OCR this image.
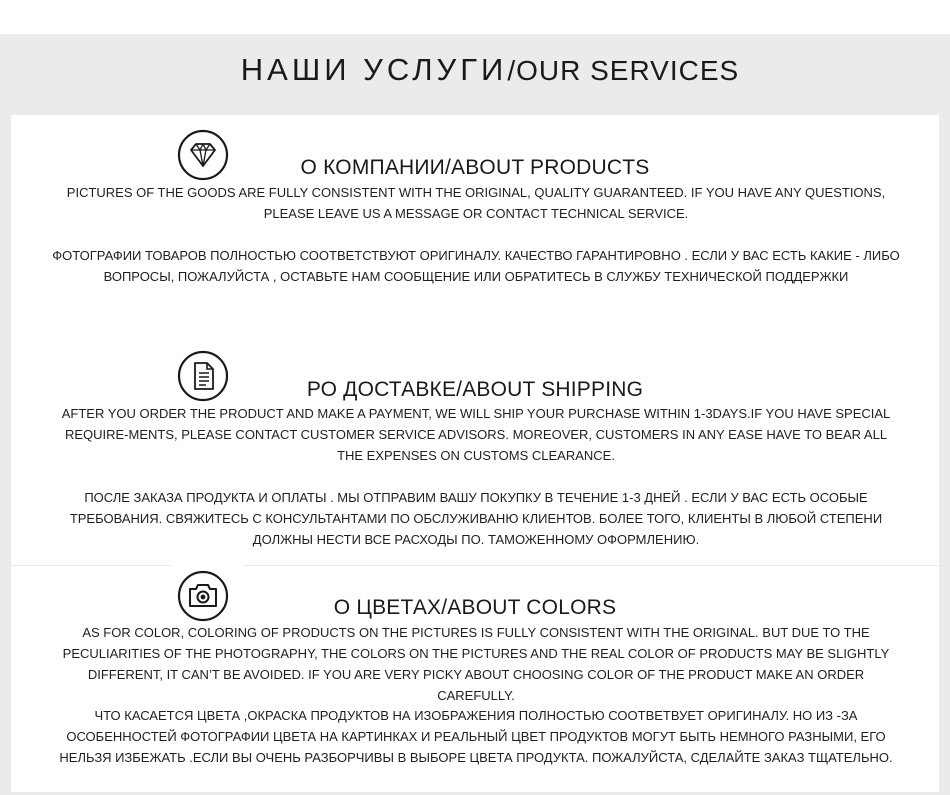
НАШИ УСЛУГИ/OUR SERVICES
О КОМПАНИИ/ABOUT PRODUCTS
PICTURES OF THE GOODS ARE FULLY CONSISTENT WITH THE ORIGINAL, QUALITY GUARANTEED. IF YOU HAVE ANY QUESTIONS, PLEASE LEAVE US A MESSAGE OR CONTACT TECHNICAL SERVICE.
ФОТОГРАФИИ ТОВАРОВ ПОЛНОСТЬЮ СООТВЕТСТВУЮТ ОРИГИНАЛУ. КАЧЕСТВО ГАРАНТИРОВНО . ЕСЛИ У ВАС ЕСТЬ КАКИЕ - ЛИБО ВОПРОСЫ, ПОЖАЛУЙСТА , ОСТАВЬТЕ НАМ СООБЩЕНИЕ ИЛИ ОБРАТИТЕСЬ В СЛУЖБУ ТЕХНИЧЕСКОЙ ПОДДЕРЖКИ
РО ДОСТАВКЕ/ABOUT SHIPPING
AFTER YOU ORDER THE PRODUCT AND MAKE A PAYMENT, WE WILL SHIP YOUR PURCHASE WITHIN 1-3DAYS.IF YOU HAVE SPECIAL REQUIRE-MENTS, PLEASE CONTACT CUSTOMER SERVICE ADVISORS. MOREOVER, CUSTOMERS IN ANY EASE HAVE TO BEAR ALL THE EXPENSES ON CUSTOMS CLEARANCE.
ПОСЛЕ ЗАКАЗА ПРОДУКТА И ОПЛАТЫ . МЫ ОТПРАВИМ ВАШУ ПОКУПКУ В ТЕЧЕНИЕ 1-3 ДНЕЙ . ЕСЛИ У ВАС ЕСТЬ ОСОБЫЕ ТРЕБОВАНИЯ. СВЯЖИТЕСЬ С КОНСУЛЬТАНТАМИ ПО ОБСЛУЖИВАНЮ КЛИЕНТОВ. БОЛЕЕ ТОГО, КЛИЕНТЫ В ЛЮБОЙ СТЕПЕНИ ДОЛЖНЫ НЕСТИ ВСЕ РАСХОДЫ ПО. ТАМОЖЕННОМУ ОФОРМЛЕНИЮ.
О ЦВЕТАХ/ABOUT COLORS
AS FOR COLOR, COLORING OF PRODUCTS ON THE PICTURES IS FULLY CONSISTENT WITH THE ORIGINAL. BUT DUE TO THE PECULIARITIES OF THE PHOTOGRAPHY, THE COLORS ON THE PICTURES AND THE REAL COLOR OF PRODUCTS MAY BE SLIGHTLY DIFFERENT, IT CAN’T BE AVOIDED. IF YOU ARE VERY PICKY ABOUT CHOOSING COLOR OF THE PRODUCT MAKE AN ORDER CAREFULLY.
ЧТО КАСАЕТСЯ ЦВЕТА ,ОКРАСКА ПРОДУКТОВ НА ИЗОБРАЖЕНИЯ ПОЛНОСТЬЮ СООТВЕТВУЕТ ОРИГИНАЛУ. НО ИЗ -ЗА ОСОБЕННОСТЕЙ ФОТОГРАФИИ ЦВЕТА НА КАРТИНКАХ И РЕАЛЬНЫЙ ЦВЕТ ПРОДУКТОВ МОГУТ БЫТЬ НЕМНОГО РАЗНЫМИ, ЕГО НЕЛЬЗЯ ИЗБЕЖАТЬ .ЕСЛИ ВЫ ОЧЕНЬ РАЗБОРЧИВЫ В ВЫБОРЕ ЦВЕТА ПРОДУКТА. ПОЖАЛУЙСТА, СДЕЛАЙТЕ ЗАКАЗ ТЩАТЕЛЬНО.
